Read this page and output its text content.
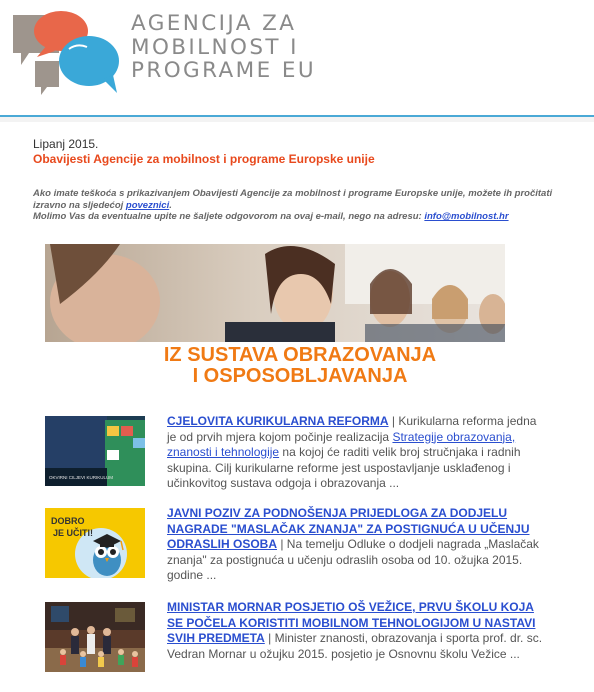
AGENCIJA ZA
MOBILNOST I
PROGRAME EU
Lipanj 2015.
Obavijesti Agencije za mobilnost i programe Europske unije
Ako imate teškoća s prikazivanjem Obavijesti Agencije za mobilnost i programe Europske unije, možete ih pročitati izravno na sljedećoj poveznici.
Molimo Vas da eventualne upite ne šaljete odgovorom na ovaj e-mail, nego na adresu: info@mobilnost.hr
IZ SUSTAVA OBRAZOVANJA
I OSPOSOBLJAVANJA
OKVIRNI CILJEVI KURIKULUM
CJELOVITA KURIKULARNA REFORMA | Kurikularna reforma jedna je od prvih mjera kojom počinje realizacija Strategije obrazovanja, znanosti i tehnologije na kojoj će raditi velik broj stručnjaka i radnih skupina. Cilj kurikularne reforme jest uspostavljanje usklađenog i učinkovitog sustava odgoja i obrazovanja ...
DOBRO
JE UČITI!
JAVNI POZIV ZA PODNOŠENJA PRIJEDLOGA ZA DODJELU NAGRADE "MASLAČAK ZNANJA" ZA POSTIGNUĆA U UČENJU ODRASLIH OSOBA | Na temelju Odluke o dodjeli nagrada „Maslačak znanja" za postignuća u učenju odraslih osoba od 10. ožujka 2015. godine ...
MINISTAR MORNAR POSJETIO OŠ VEŽICE, PRVU ŠKOLU KOJA SE POČELA KORISTITI MOBILNOM TEHNOLOGIJOM U NASTAVI SVIH PREDMETA | Minister znanosti, obrazovanja i sporta prof. dr. sc. Vedran Mornar u ožujku 2015. posjetio je Osnovnu školu Vežice ...
